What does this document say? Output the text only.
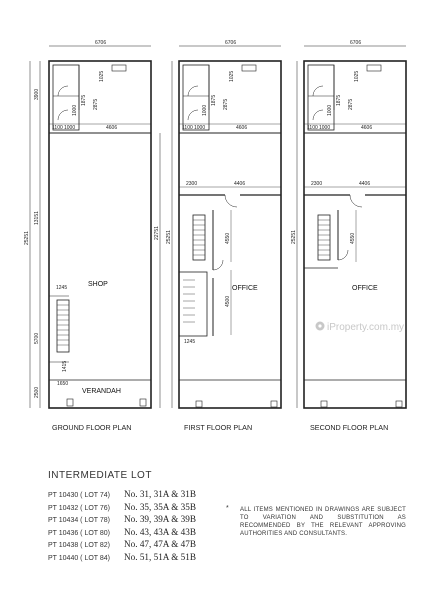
6706
3900
13151
5700
2500
25251	22751
1100 1000	4606
1025
1875 2875
1000
SHOP
1245
1415
1650
VERANDAH
GROUND FLOOR PLAN
6706
1100 1000	4606
1025
1875 2875
1000
2300	4406
25251	4550
4500
1245
OFFICE
FIRST FLOOR PLAN
6706
1100 1000	4606
1025
1875 2875
1000
2300	4406
25251	4550
OFFICE
SECOND FLOOR PLAN
iProperty.com.my
INTERMEDIATE LOT
PT 10430 ( LOT 74) No. 31, 31A & 31B
PT 10432 ( LOT 76) No. 35, 35A & 35B
PT 10434 ( LOT 78) No. 39, 39A & 39B
PT 10436 ( LOT 80) No. 43, 43A & 43B
PT 10438 ( LOT 82) No. 47, 47A & 47B
PT 10440 ( LOT 84) No. 51, 51A & 51B
* ALL ITEMS MENTIONED IN DRAWINGS ARE SUBJECT TO VARIATION AND SUBSTITUTION AS RECOMMENDED BY THE RELEVANT APPROVING AUTHORITIES AND CONSULTANTS.
